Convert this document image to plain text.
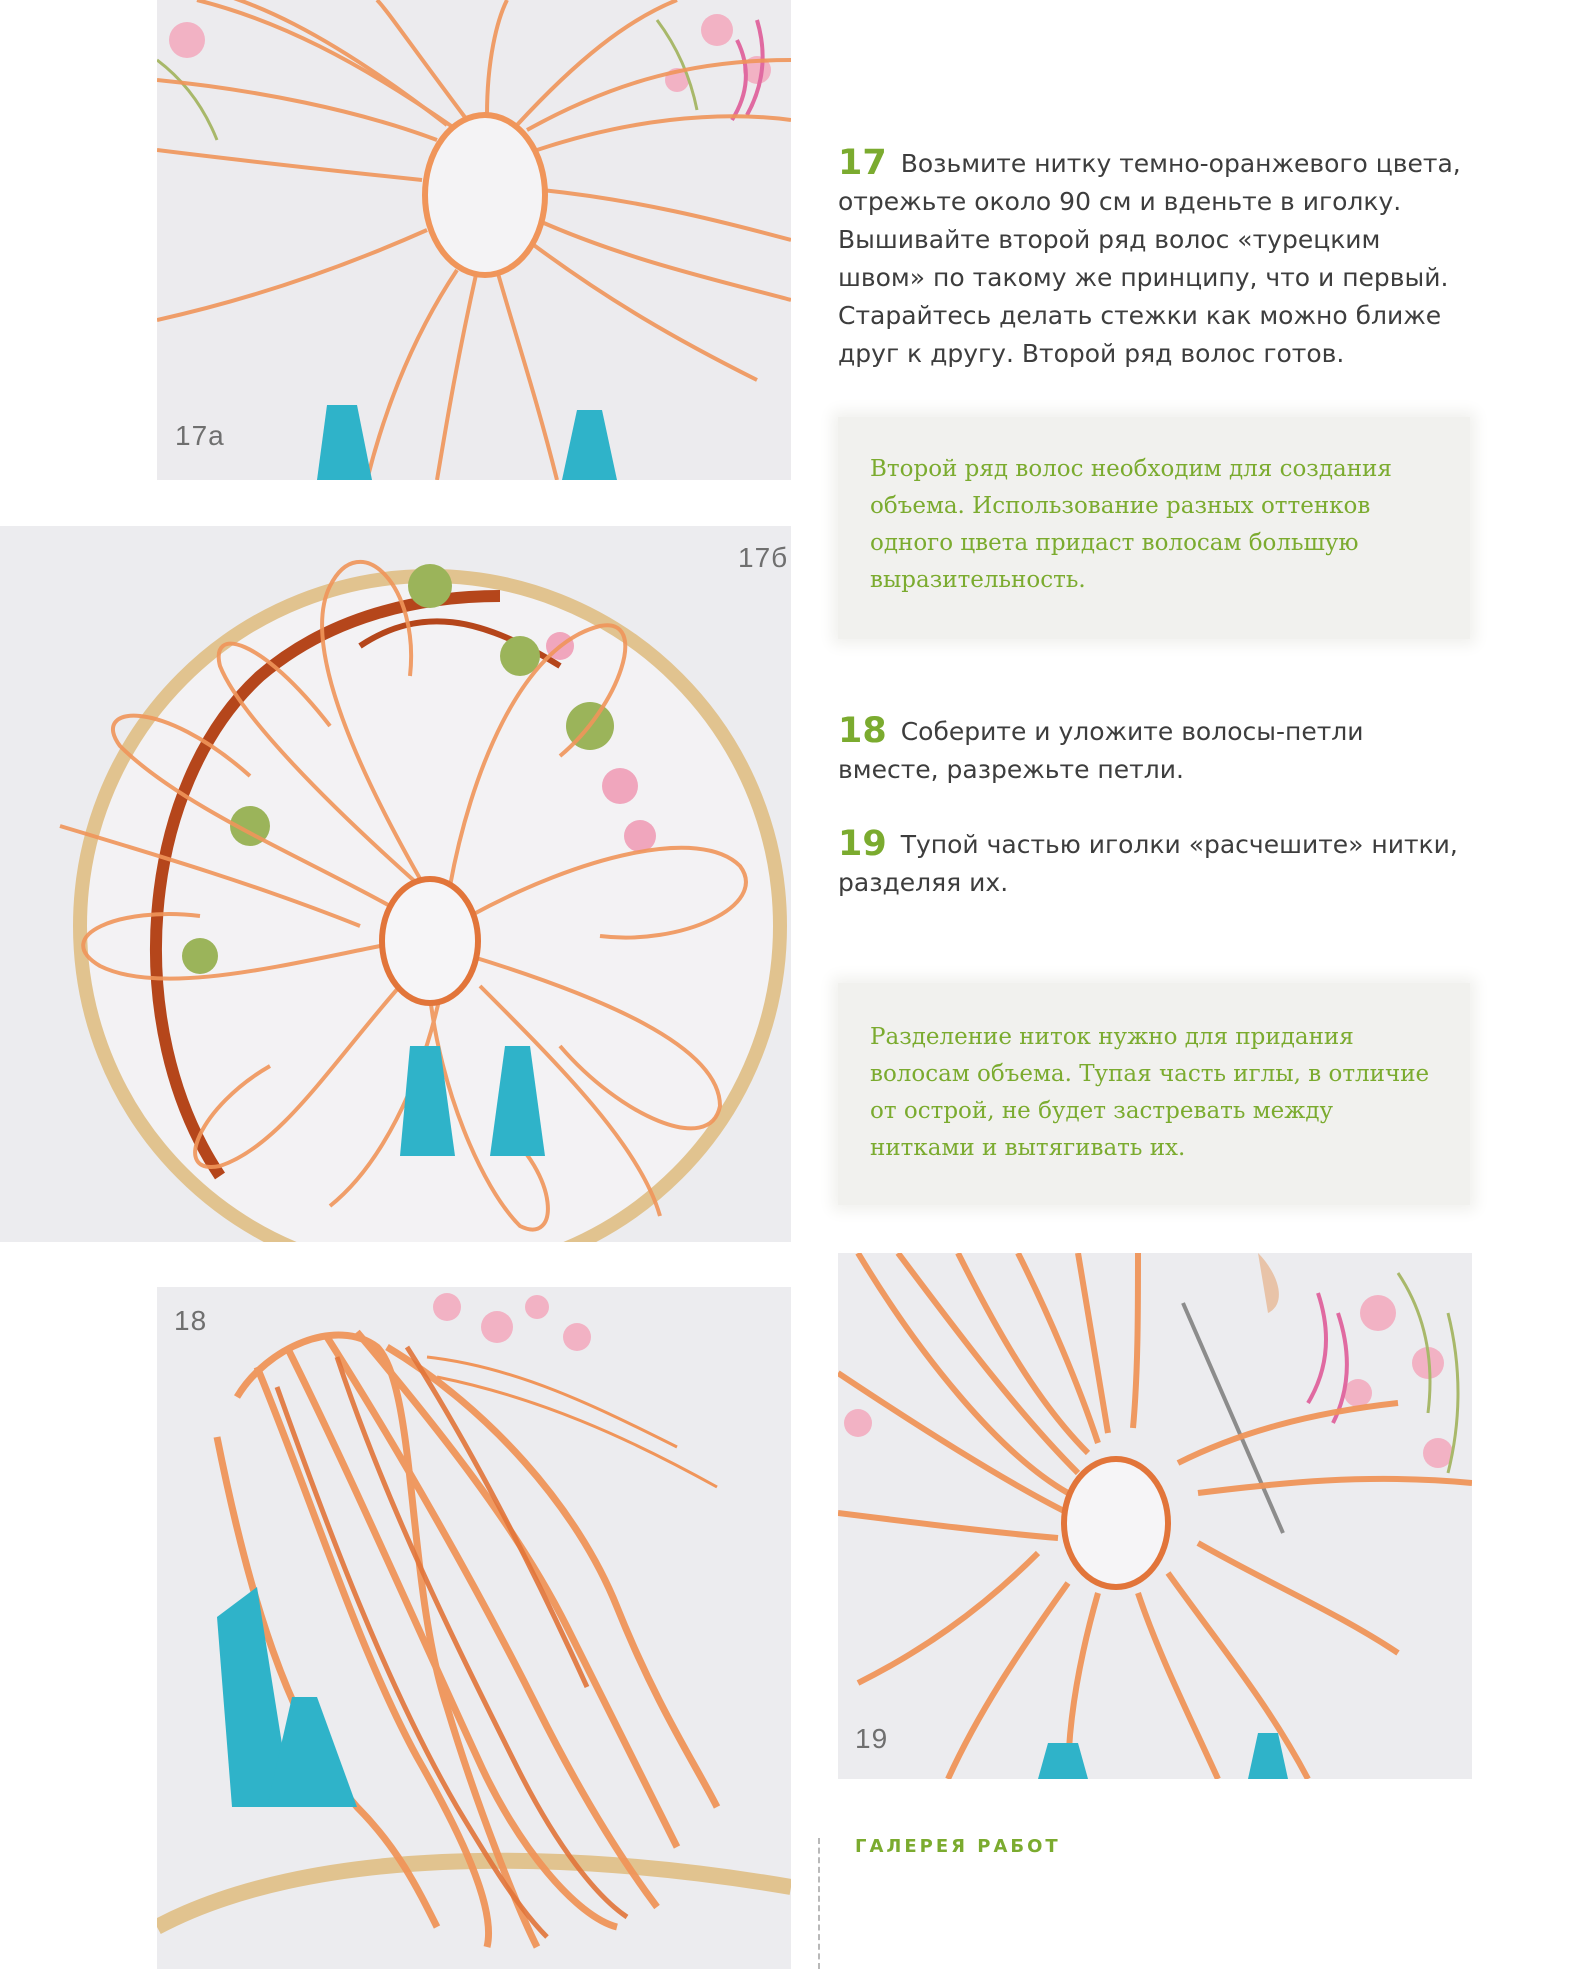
17а
17б
18
19
17 Возьмите нитку темно-оранжевого цвета, отрежьте около 90 см и вденьте в иголку. Вышивайте второй ряд волос «турецким швом» по такому же принципу, что и первый. Старайтесь делать стежки как можно ближе друг к другу. Второй ряд волос готов.
Второй ряд волос необходим для создания объема. Использование разных оттенков одного цвета придаст волосам большую выразительность.
18 Соберите и уложите волосы-петли вместе, разрежьте петли.
19 Тупой частью иголки «расчешите» нитки, разделяя их.
Разделение ниток нужно для придания волосам объема. Тупая часть иглы, в отличие от острой, не будет застревать между нитками и вытягивать их.
ГАЛЕРЕЯ РАБОТ
